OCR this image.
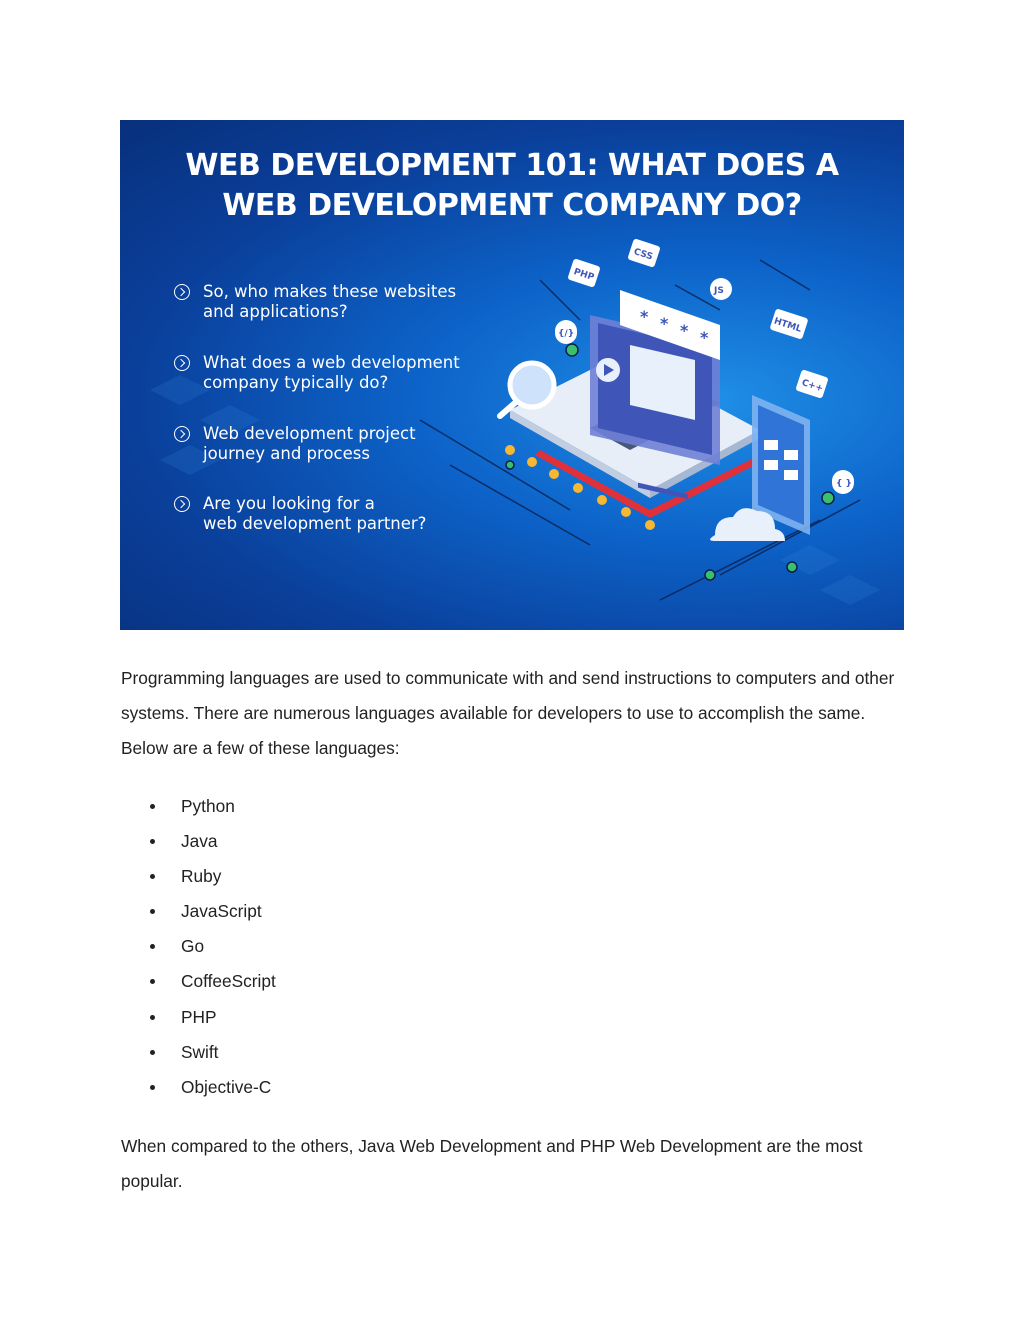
* * * *
CSS
PHP
JS
HTML
C++
{/}
{ }
WEB DEVELOPMENT 101: WHAT DOES A
WEB DEVELOPMENT COMPANY DO?
So, who makes these websites
and applications?
What does a web development
company typically do?
Web development project
journey and process
Are you looking for a
web development partner?

Programming languages are used to communicate with and send instructions to computers and other systems. There are numerous languages available for developers to use to accomplish the same. Below are a few of these languages:

Python
Java
Ruby
JavaScript
Go
CoffeeScript
PHP
Swift
Objective-C

When compared to the others, Java Web Development and PHP Web Development are the most popular.
